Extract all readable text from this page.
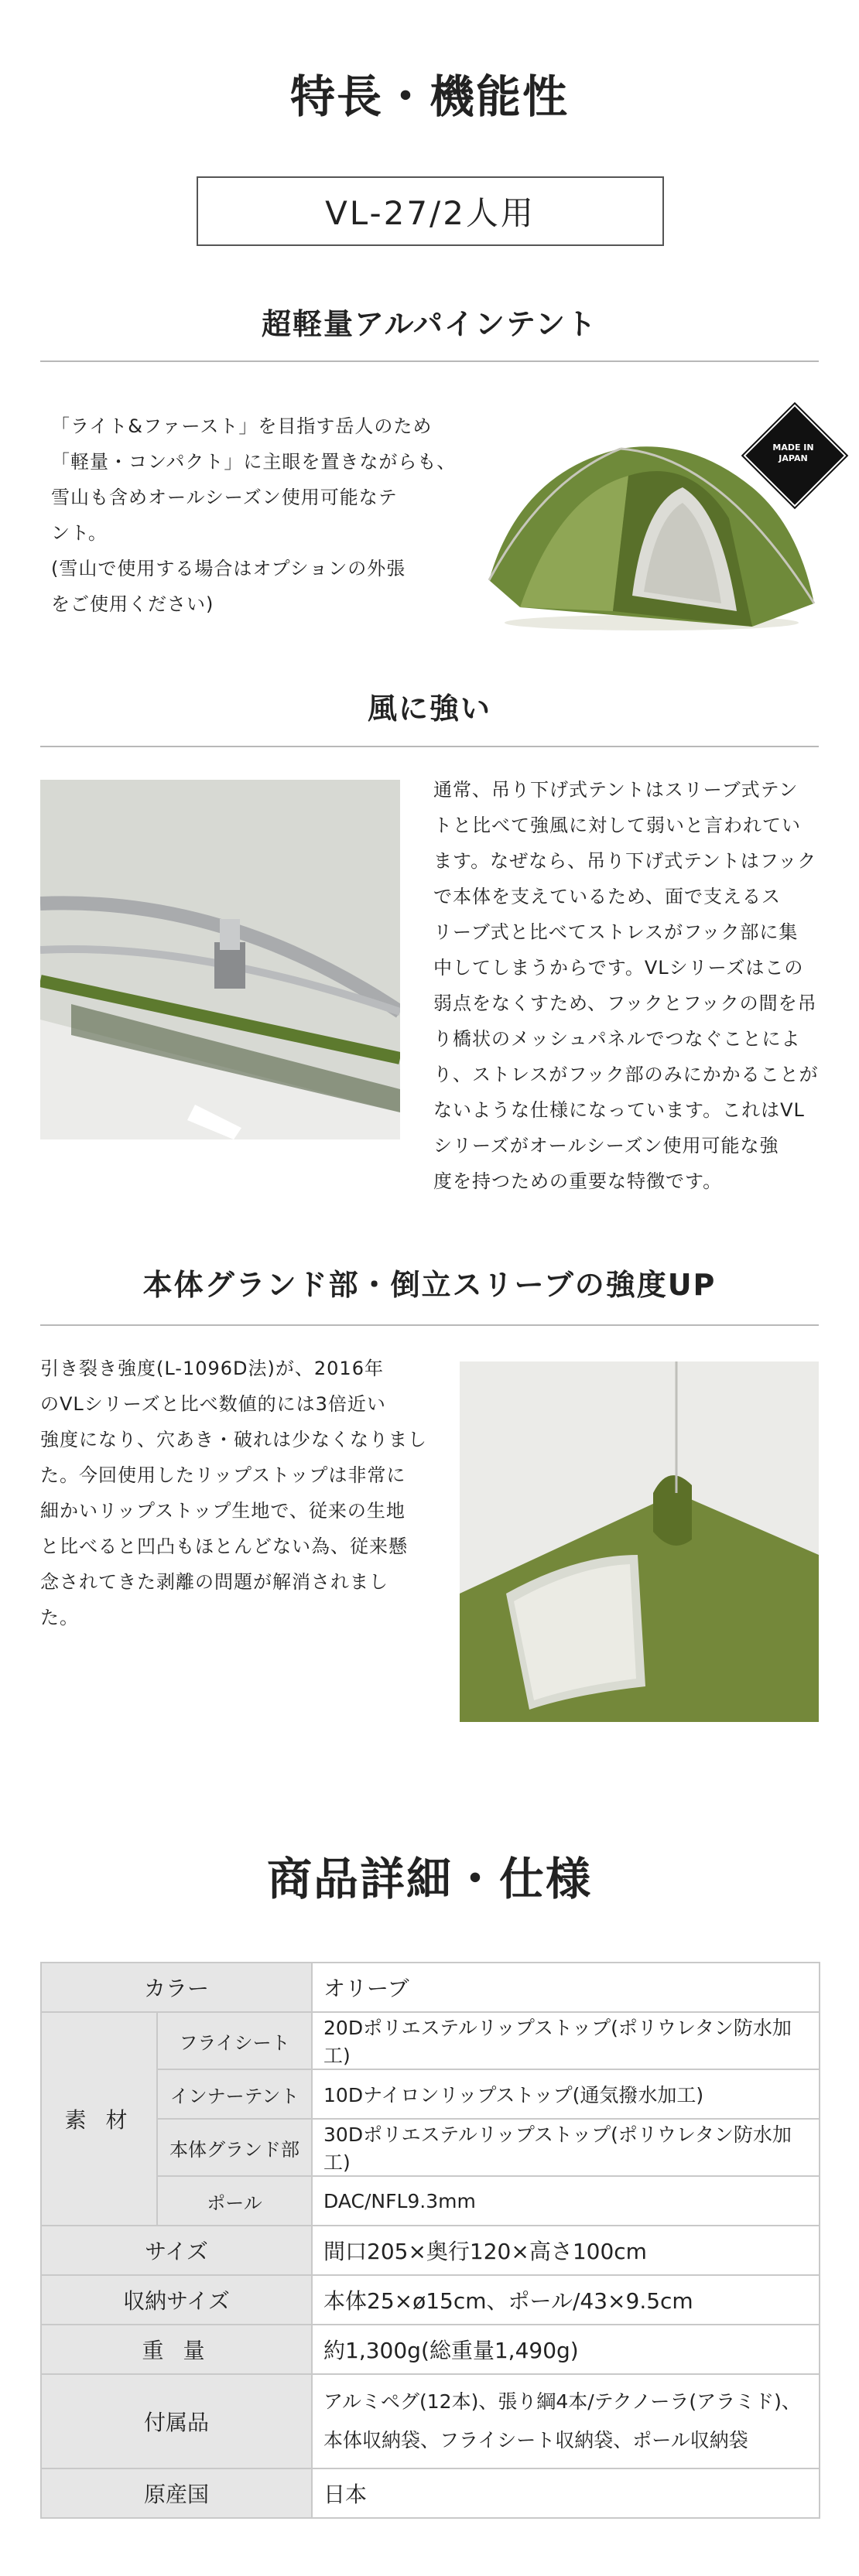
特長・機能性
VL-27/2人用
超軽量アルパインテント

「ライト&ファースト」を目指す岳人のため

「軽量・コンパクト」に主眼を置きながらも、

雪山も含めオールシーズン使用可能なテ

ント。

(雪山で使用する場合はオプションの外張

をご使用ください)

MADE IN JAPAN
風に強い

通常、吊り下げ式テントはスリーブ式テン

トと比べて強風に対して弱いと言われてい

ます。なぜなら、吊り下げ式テントはフック

で本体を支えているため、面で支えるス

リーブ式と比べてストレスがフック部に集

中してしまうからです。VLシリーズはこの

弱点をなくすため、フックとフックの間を吊

り橋状のメッシュパネルでつなぐことによ

り、ストレスがフック部のみにかかることが

ないような仕様になっています。これはVL

シリーズがオールシーズン使用可能な強

度を持つための重要な特徴です。

本体グランド部・倒立スリーブの強度UP

引き裂き強度(L-1096D法)が、2016年

のVLシリーズと比べ数値的には3倍近い

強度になり、穴あき・破れは少なくなりまし

た。今回使用したリップストップは非常に

細かいリップストップ生地で、従来の生地

と比べると凹凸もほとんどない為、従来懸

念されてきた剥離の問題が解消されまし

た。

商品詳細・仕様
カラー		オリーブ
素 材	フライシート	20Dポリエステルリップストップ(ポリウレタン防水加工)
	インナーテント	10Dナイロンリップストップ(通気撥水加工)
	本体グランド部	30Dポリエステルリップストップ(ポリウレタン防水加工)
	ポール	DAC/NFL9.3mm
サイズ		間口205×奥行120×高さ100cm
収納サイズ		本体25×ø15cm、ポール/43×9.5cm
重 量		約1,300g(総重量1,490g)
付属品		アルミペグ(12本)、張り綱4本/テクノーラ(アラミド)、
本体収納袋、フライシート収納袋、ポール収納袋

原産国		日本
